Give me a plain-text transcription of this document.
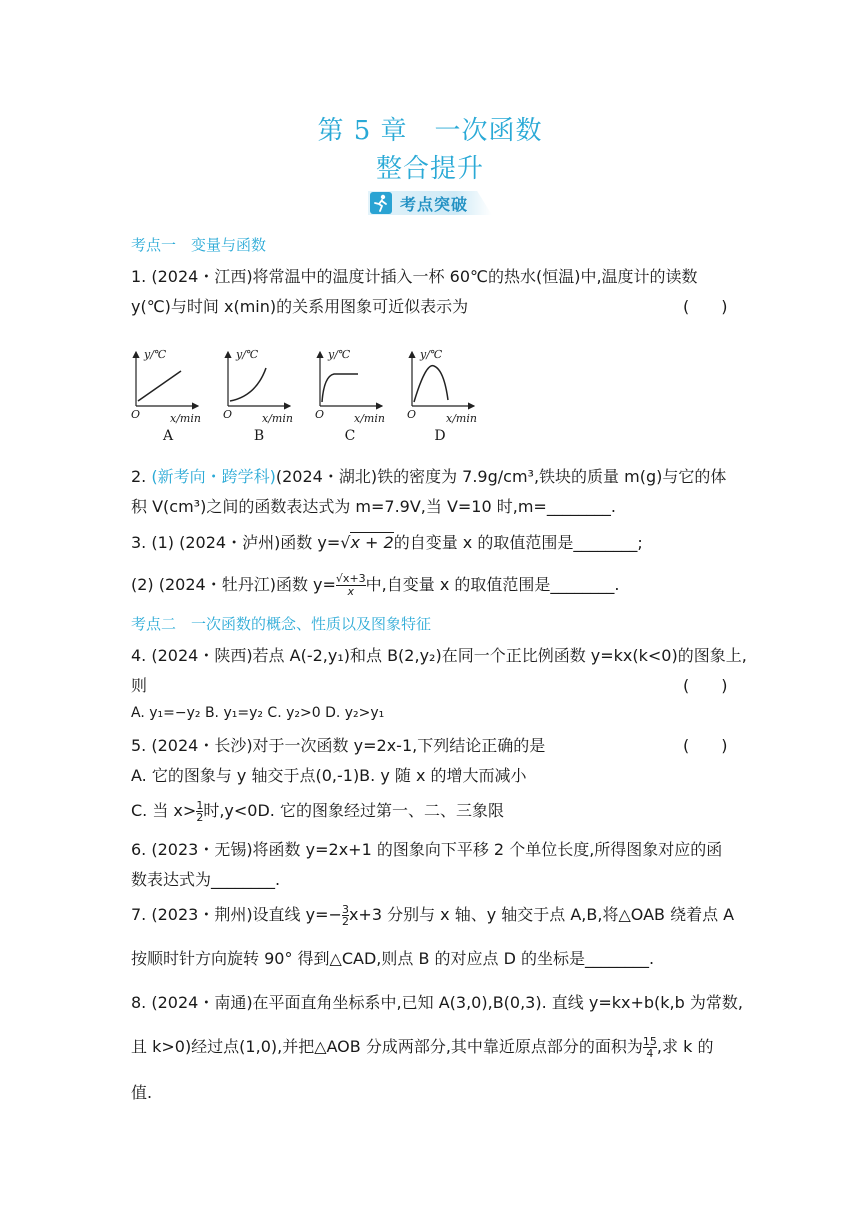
第 5 章　一次函数
整合提升
考点突破
考点一　变量与函数
1. (2024・江西)将常温中的温度计插入一杯 60℃的热水(恒温)中,温度计的读数
y(℃)与时间 x(min)的关系用图象可近似表示为	(　　)
y/℃	y/℃	y/℃	y/℃
O	O	O	O
x/min	x/min	x/min	x/min
A	B	C	D
2. (新考向・跨学科)(2024・湖北)铁的密度为 7.9g/cm³,铁块的质量 m(g)与它的体
积 V(cm³)之间的函数表达式为 m=7.9V,当 V=10 时,m=________.
3. (1) (2024・泸州)函数 y=√x + 2的自变量 x 的取值范围是________;
(2) (2024・牡丹江)函数 $y= \frac{√x+3}{x}$ 中,自变量 x 的取值范围是________.
考点二　一次函数的概念、性质以及图象特征
4. (2024・陕西)若点 A(-2,y₁)和点 B(2,y₂)在同一个正比例函数 y=kx(k<0)的图象上,
则	(　　)
A. y₁=−y₂ B. y₁=y₂ C. y₂>0 D. y₂>y₁
5. (2024・长沙)对于一次函数 y=2x-1,下列结论正确的是	(　　)
A. 它的图象与 y 轴交于点(0,-1)B. y 随 x 的增大而减小
C. 当 $x> \frac{1}{2}$ 时,y<0D. 它的图象经过第一、二、三象限
6. (2023・无锡)将函数 y=2x+1 的图象向下平移 2 个单位长度,所得图象对应的函
数表达式为________.
7. (2023・荆州)设直线 $y=- \frac{3}{2} x+3$ 分别与 x 轴、y 轴交于点 A,B,将△OAB 绕着点 A
按顺时针方向旋转 90° 得到△CAD,则点 B 的对应点 D 的坐标是________.
8. (2024・南通)在平面直角坐标系中,已知 A(3,0),B(0,3). 直线 y=kx+b(k,b 为常数,
且 k>0)经过点(1,0),并把△AOB 分成两部分,其中靠近原点部分的面积为 $\frac{15}{4}$ ,求 k 的
值.
